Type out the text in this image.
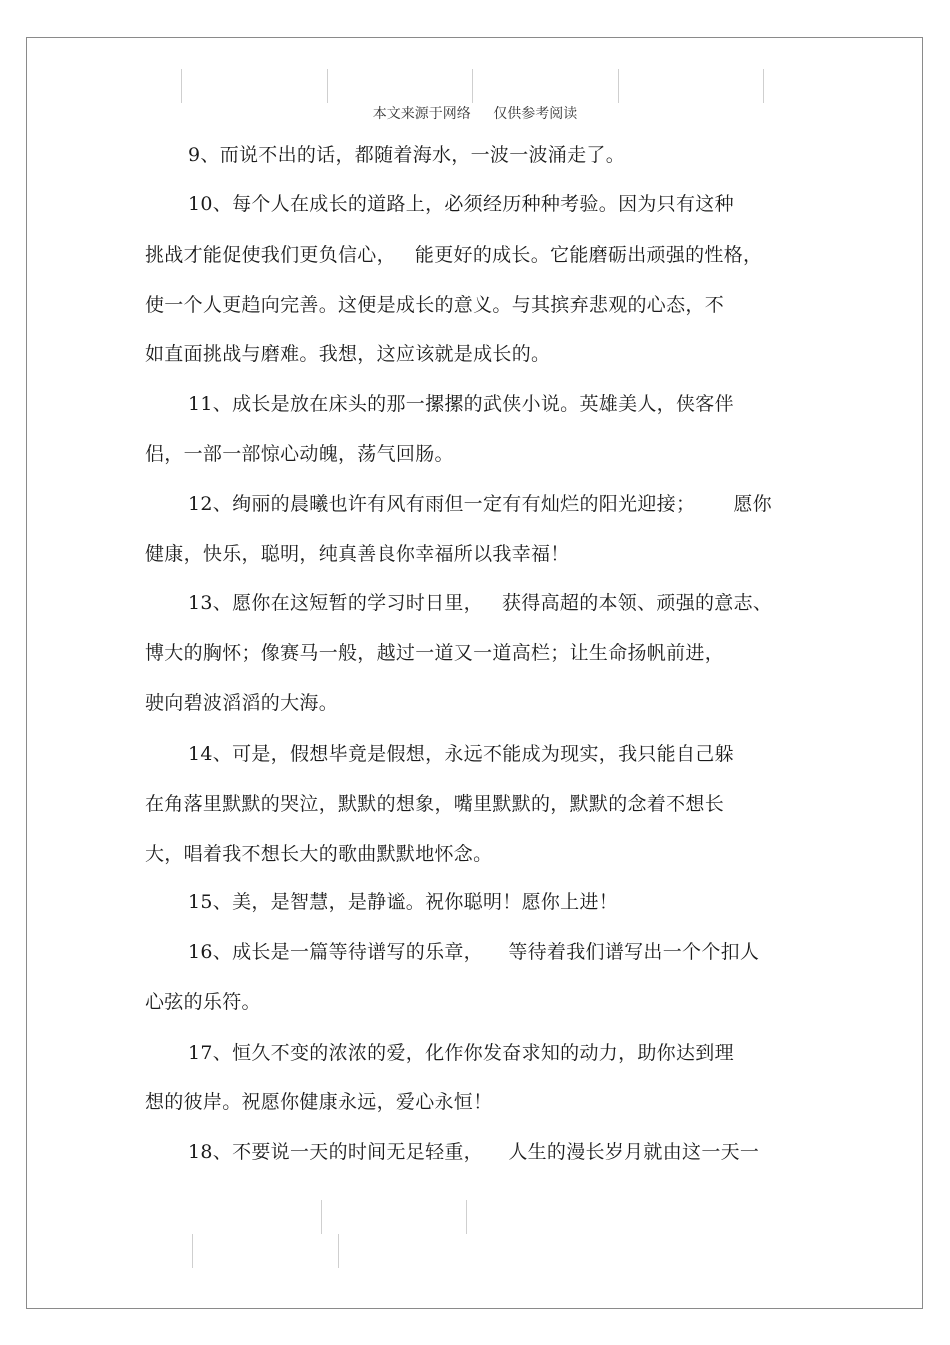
本文来源于网络 仅供参考阅读
9、而说不出的话，都随着海水，一波一波涌走了。
10、每个人在成长的道路上，必须经历种种考验。因为只有这种
挑战才能促使我们更负信心，   能更好的成长。它能磨砺出顽强的性格，
使一个人更趋向完善。这便是成长的意义。与其摈弃悲观的心态，不
如直面挑战与磨难。我想，这应该就是成长的。
11、成长是放在床头的那一摞摞的武侠小说。英雄美人，侠客伴
侣，一部一部惊心动魄，荡气回肠。
12、绚丽的晨曦也许有风有雨但一定有有灿烂的阳光迎接；      愿你
健康，快乐，聪明，纯真善良你幸福所以我幸福！
13、愿你在这短暂的学习时日里，   获得高超的本领、顽强的意志、
博大的胸怀；像赛马一般，越过一道又一道高栏；让生命扬帆前进，
驶向碧波滔滔的大海。
14、可是，假想毕竟是假想，永远不能成为现实，我只能自己躲
在角落里默默的哭泣，默默的想象，嘴里默默的，默默的念着不想长
大，唱着我不想长大的歌曲默默地怀念。
15、美，是智慧，是静谧。祝你聪明！愿你上进！
16、成长是一篇等待谱写的乐章，    等待着我们谱写出一个个扣人
心弦的乐符。
17、恒久不变的浓浓的爱，化作你发奋求知的动力，助你达到理
想的彼岸。祝愿你健康永远，爱心永恒！
18、不要说一天的时间无足轻重，    人生的漫长岁月就由这一天一
